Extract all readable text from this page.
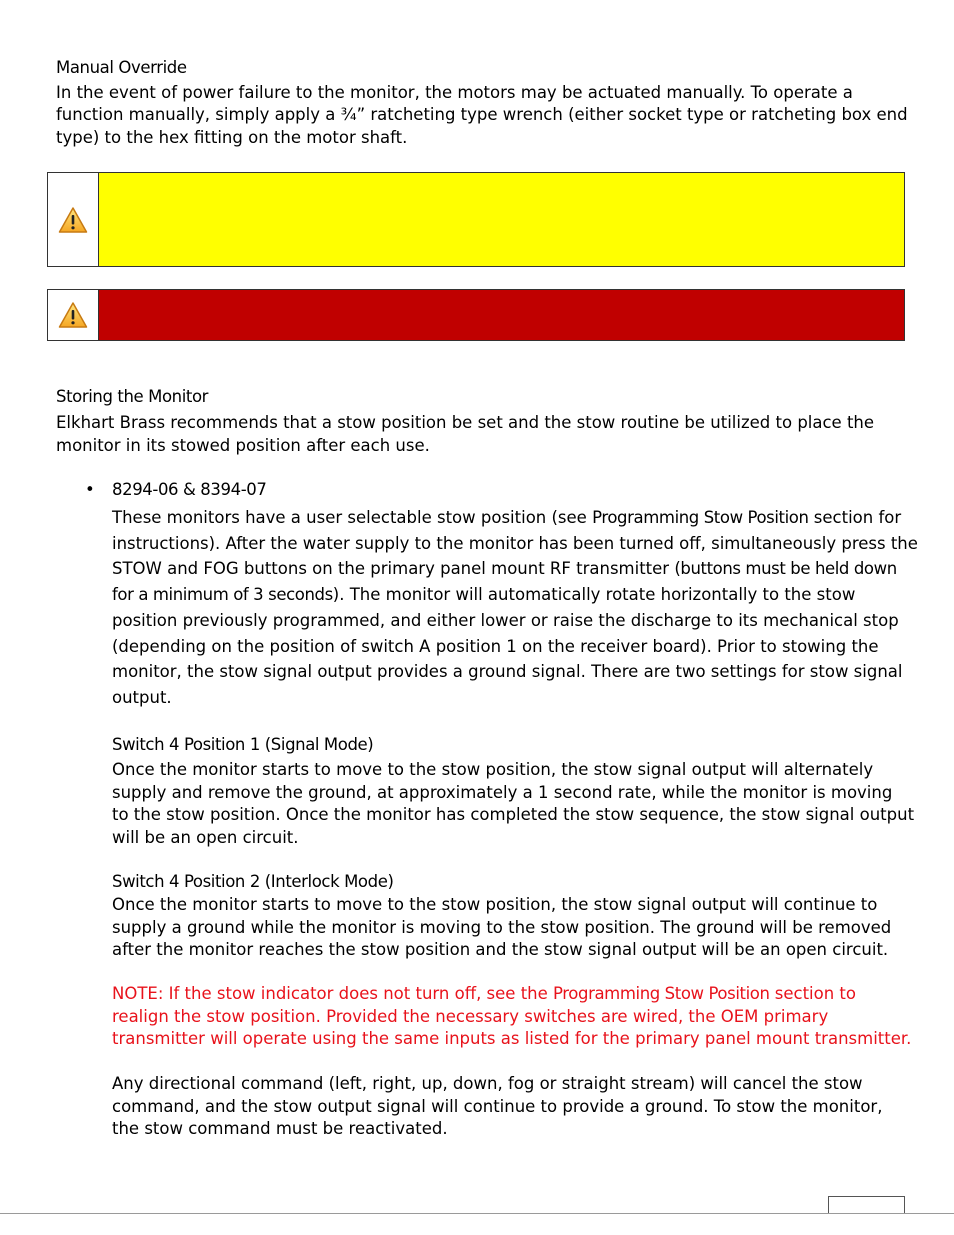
Manual Override
In the event of power failure to the monitor, the motors may be actuated manually. To operate a
function manually, simply apply a ¾” ratcheting type wrench (either socket type or ratcheting box end
type) to the hex fitting on the motor shaft.
Storing the Monitor
Elkhart Brass recommends that a stow position be set and the stow routine be utilized to place the
monitor in its stowed position after each use.
• 8294-06 & 8394-07
These monitors have a user selectable stow position (see Programming Stow Position section for
instructions). After the water supply to the monitor has been turned off, simultaneously press the
STOW and FOG buttons on the primary panel mount RF transmitter (buttons must be held down
for a minimum of 3 seconds). The monitor will automatically rotate horizontally to the stow
position previously programmed, and either lower or raise the discharge to its mechanical stop
(depending on the position of switch A position 1 on the receiver board). Prior to stowing the
monitor, the stow signal output provides a ground signal. There are two settings for stow signal
output.
Switch 4 Position 1 (Signal Mode)
Once the monitor starts to move to the stow position, the stow signal output will alternately
supply and remove the ground, at approximately a 1 second rate, while the monitor is moving
to the stow position. Once the monitor has completed the stow sequence, the stow signal output
will be an open circuit.
Switch 4 Position 2 (Interlock Mode)
Once the monitor starts to move to the stow position, the stow signal output will continue to
supply a ground while the monitor is moving to the stow position. The ground will be removed
after the monitor reaches the stow position and the stow signal output will be an open circuit.
NOTE: If the stow indicator does not turn off, see the Programming Stow Position section to
realign the stow position. Provided the necessary switches are wired, the OEM primary
transmitter will operate using the same inputs as listed for the primary panel mount transmitter.
Any directional command (left, right, up, down, fog or straight stream) will cancel the stow
command, and the stow output signal will continue to provide a ground. To stow the monitor,
the stow command must be reactivated.
